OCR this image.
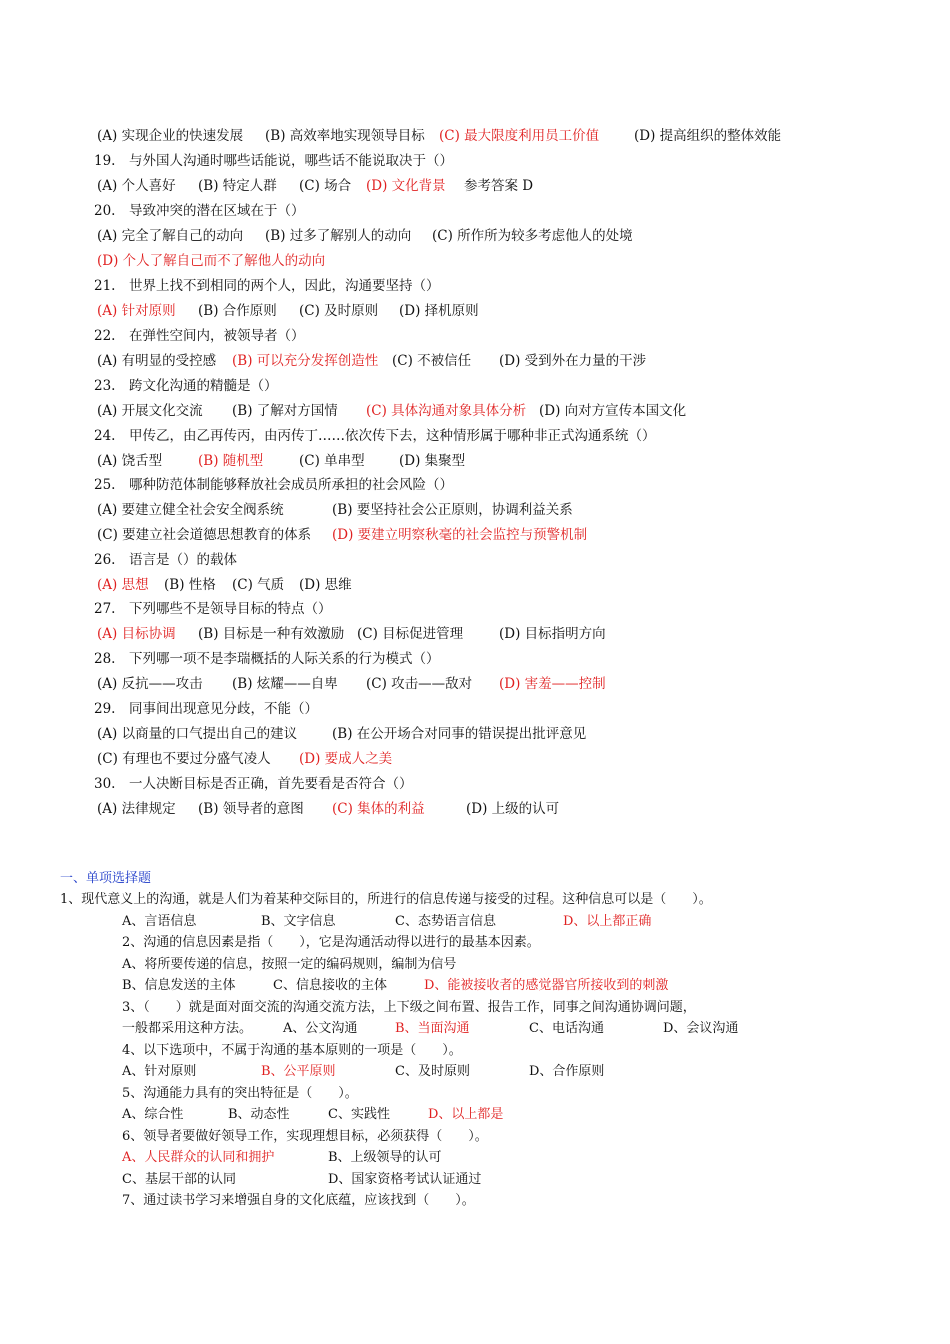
(A) 实现企业的快速发展 (B) 高效率地实现领导目标 (C) 最大限度利用员工价值	(D) 提高组织的整体效能
19.　与外国人沟通时哪些话能说，哪些话不能说取决于（）
(A) 个人喜好 (B) 特定人群 (C) 场合 (D) 文化背景 参考答案 D
20.　导致冲突的潜在区域在于（）
(A) 完全了解自己的动向 (B) 过多了解别人的动向 (C) 所作所为较多考虑他人的处境
(D) 个人了解自己而不了解他人的动向
21.　世界上找不到相同的两个人，因此，沟通要坚持（）
(A) 针对原则 (B) 合作原则 (C) 及时原则 (D) 择机原则
22.　在弹性空间内，被领导者（）
(A) 有明显的受控感 (B) 可以充分发挥创造性 (C) 不被信任 (D) 受到外在力量的干涉
23.　跨文化沟通的精髓是（）
(A) 开展文化交流 (B) 了解对方国情 (C) 具体沟通对象具体分析 (D) 向对方宣传本国文化
24.　甲传乙，由乙再传丙，由丙传丁……依次传下去，这种情形属于哪种非正式沟通系统（）
(A) 饶舌型	(B) 随机型	(C) 单串型	(D) 集聚型
25.　哪种防范体制能够释放社会成员所承担的社会风险（）
(A) 要建立健全社会安全阀系统	(B) 要坚持社会公正原则，协调利益关系
(C) 要建立社会道德思想教育的体系 (D) 要建立明察秋毫的社会监控与预警机制
26.　语言是（）的载体
(A) 思想 (B) 性格 (C) 气质 (D) 思维
27.　下列哪些不是领导目标的特点（）
(A) 目标协调 (B) 目标是一种有效激励 (C) 目标促进管理	(D) 目标指明方向
28.　下列哪一项不是李瑞概括的人际关系的行为模式（）
(A) 反抗——攻击 (B) 炫耀——自卑 (C) 攻击——敌对 (D) 害羞——控制
29.　同事间出现意见分歧，不能（）
(A) 以商量的口气提出自己的建议	(B) 在公开场合对同事的错误提出批评意见
(C) 有理也不要过分盛气凌人 (D) 要成人之美
30.　一人决断目标是否正确，首先要看是否符合（）
(A) 法律规定 (B) 领导者的意图 (C) 集体的利益	(D) 上级的认可
一、单项选择题
1、现代意义上的沟通，就是人们为着某种交际目的，所进行的信息传递与接受的过程。这种信息可以是（　　）。
A、言语信息	B、文字信息	C、态势语言信息	D、以上都正确
2、沟通的信息因素是指（　　），它是沟通活动得以进行的最基本因素。
A、将所要传递的信息，按照一定的编码规则，编制为信号
B、信息发送的主体	C、信息接收的主体	D、能被接收者的感觉器官所接收到的刺激
3、（　　）就是面对面交流的沟通交流方法，上下级之间布置、报告工作，同事之间沟通协调问题，
一般都采用这种方法。 A、公文沟通	B、当面沟通	C、电话沟通	D、会议沟通
4、以下选项中，不属于沟通的基本原则的一项是（　　）。
A、针对原则	B、公平原则	C、及时原则	D、合作原则
5、沟通能力具有的突出特征是（　　）。
A、综合性	B、动态性	C、实践性	D、以上都是
6、领导者要做好领导工作，实现理想目标，必须获得（　　）。
A、人民群众的认同和拥护	B、上级领导的认可
C、基层干部的认同	D、国家资格考试认证通过
7、通过读书学习来增强自身的文化底蕴，应该找到（　　）。
